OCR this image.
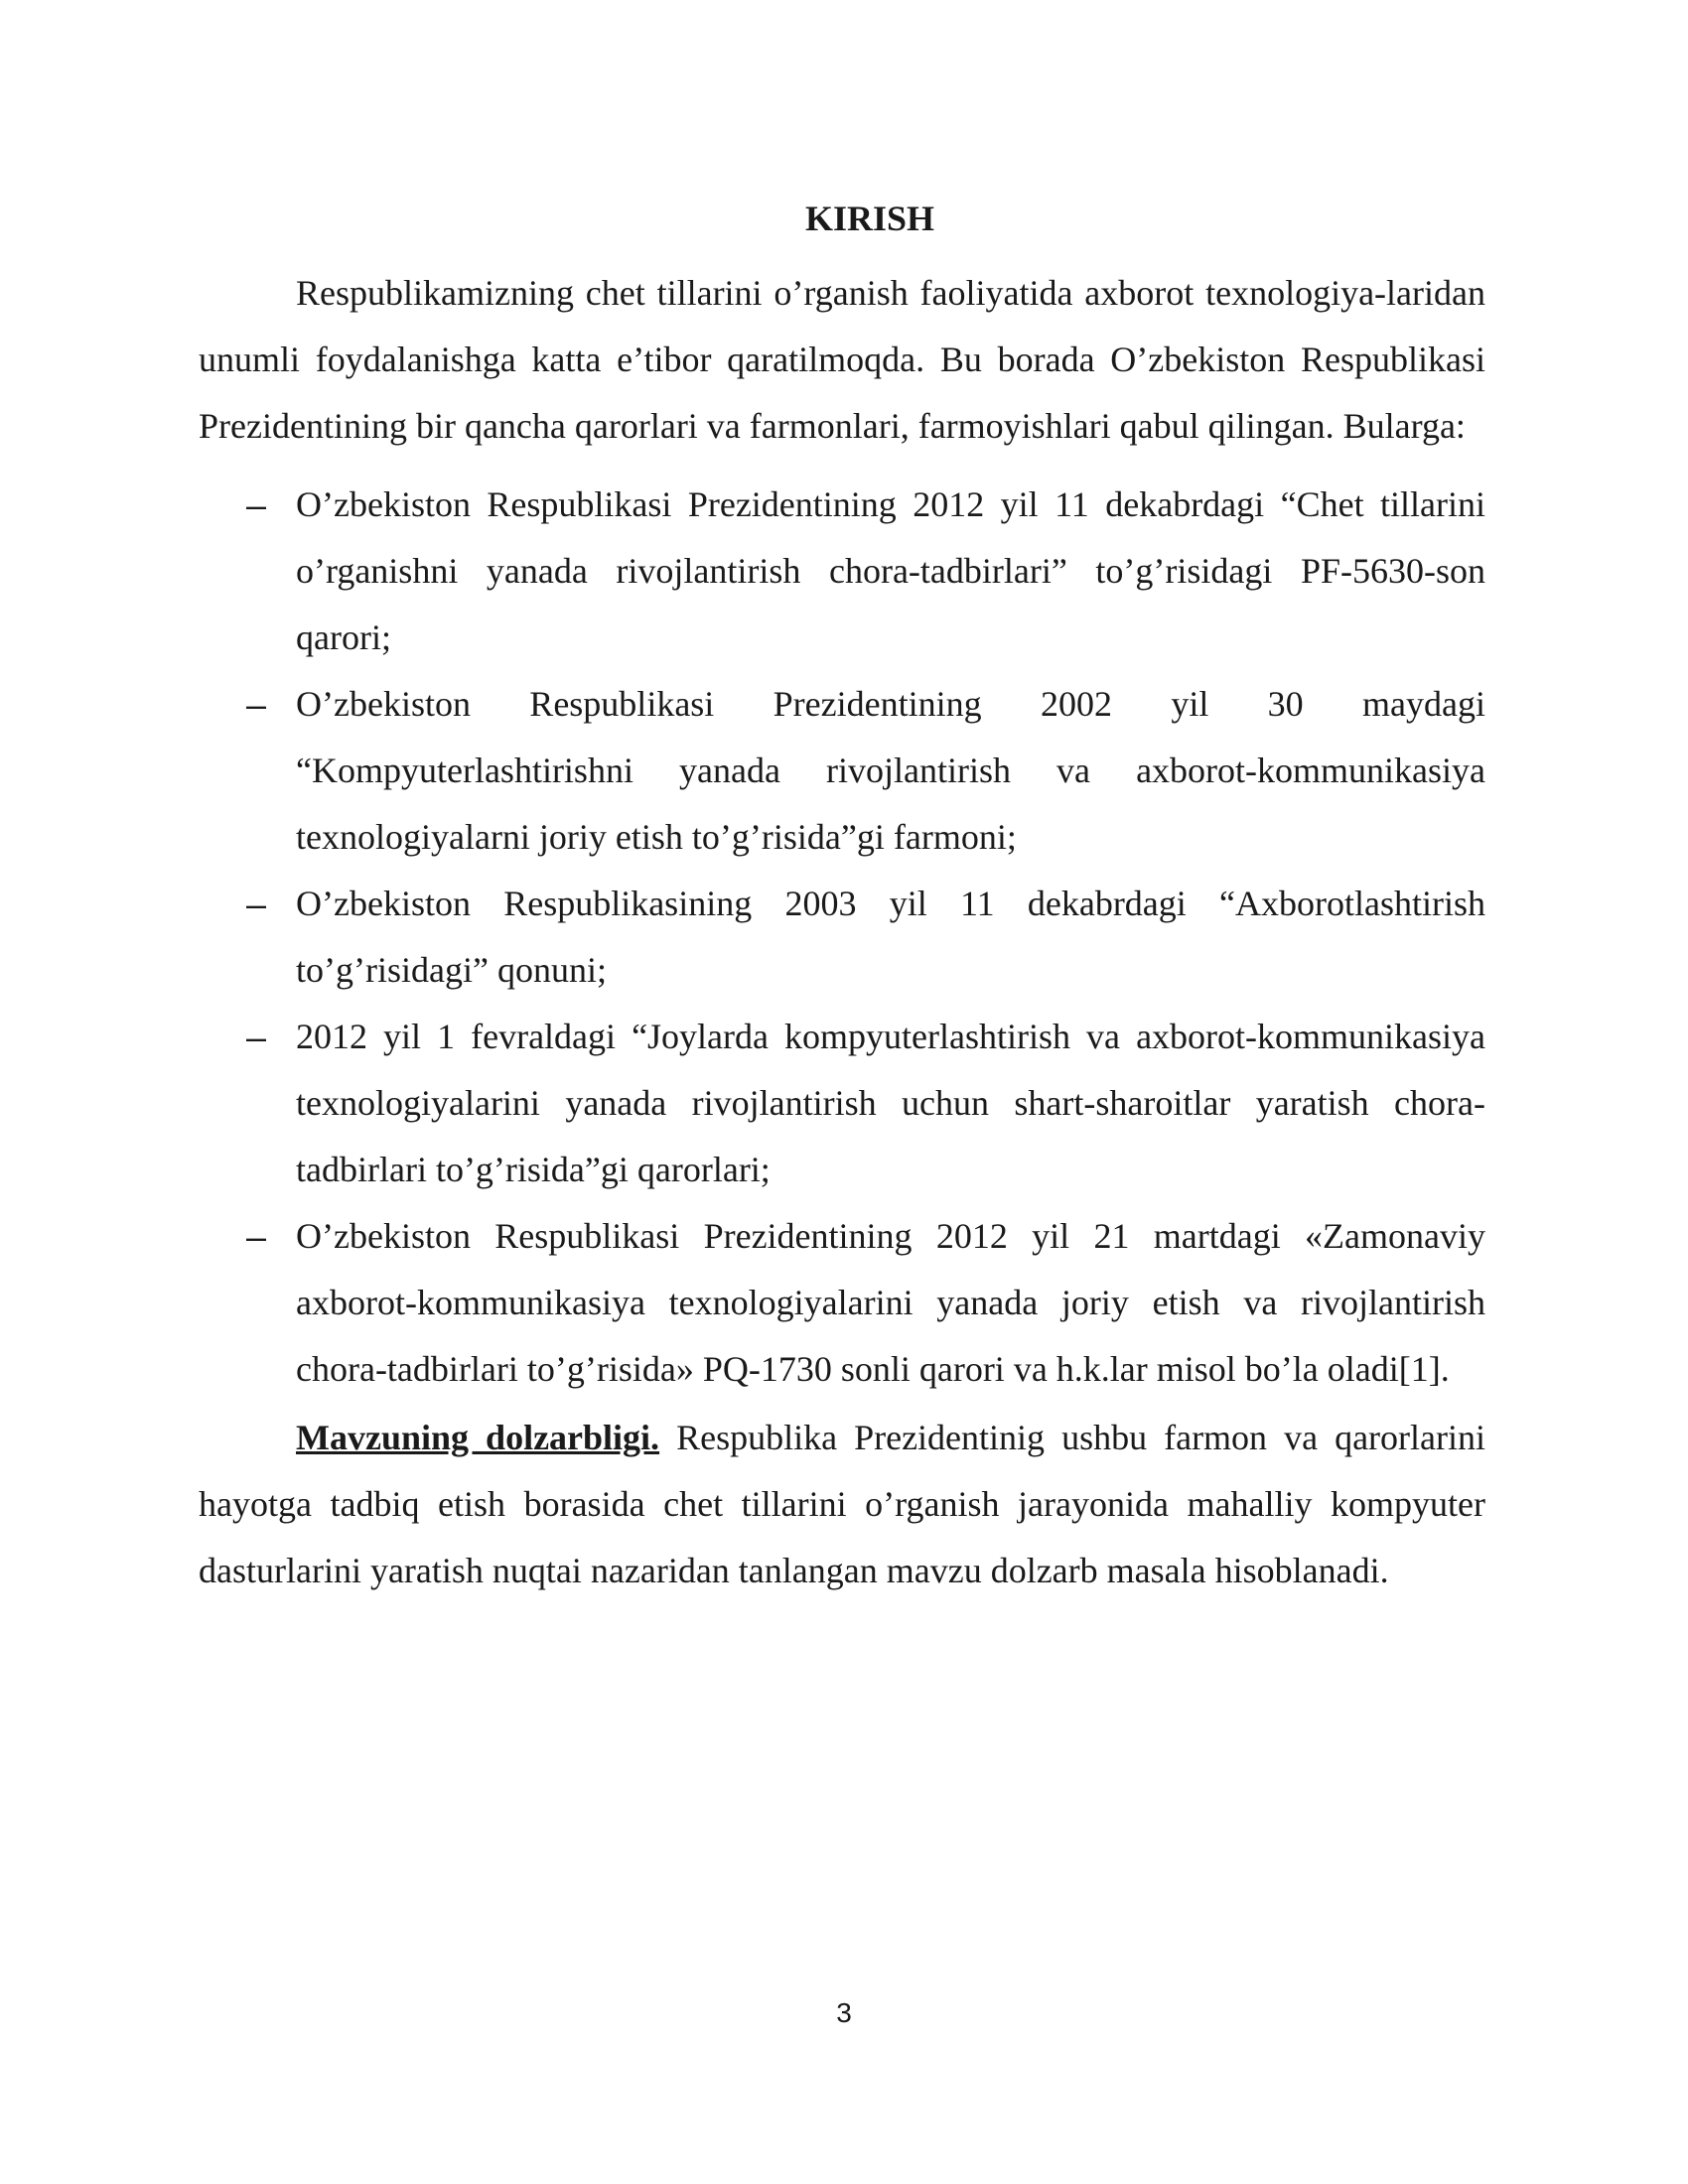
KIRISH

Respublikamizning chet tillarini o’rganish faoliyatida axborot texnologiya-laridan unumli foydalanishga katta e’tibor qaratilmoqda. Bu borada O’zbekiston Respublikasi Prezidentining bir qancha qarorlari va farmonlari, farmoyishlari qabul qilingan. Bularga:

– O’zbekiston Respublikasi Prezidentining 2012 yil 11 dekabrdagi “Chet tillarini o’rganishni yanada rivojlantirish chora-tadbirlari” to’g’risidagi PF-5630-son qarori;
– O’zbekiston Respublikasi Prezidentining 2002 yil 30 maydagi “Kompyuterlashtirishni yanada rivojlantirish va axborot-kommunikasiya texnologiyalarni joriy etish to’g’risida”gi farmoni;
– O’zbekiston Respublikasining 2003 yil 11 dekabrdagi “Axborotlashtirish to’g’risidagi” qonuni;
– 2012 yil 1 fevraldagi “Joylarda kompyuterlashtirish va axborot-kommunikasiya texnologiyalarini yanada rivojlantirish uchun shart-sharoitlar yaratish chora-tadbirlari to’g’risida”gi qarorlari;
– O’zbekiston Respublikasi Prezidentining 2012 yil 21 martdagi «Zamonaviy axborot-kommunikasiya texnologiyalarini yanada joriy etish va rivojlantirish chora-tadbirlari to’g’risida» PQ-1730 sonli qarori va h.k.lar misol bo’la oladi[1].

Mavzuning dolzarbligi. Respublika Prezidentinig ushbu farmon va qarorlarini hayotga tadbiq etish borasida chet tillarini o’rganish jarayonida mahalliy kompyuter dasturlarini yaratish nuqtai nazaridan tanlangan mavzu dolzarb masala hisoblanadi.

3
